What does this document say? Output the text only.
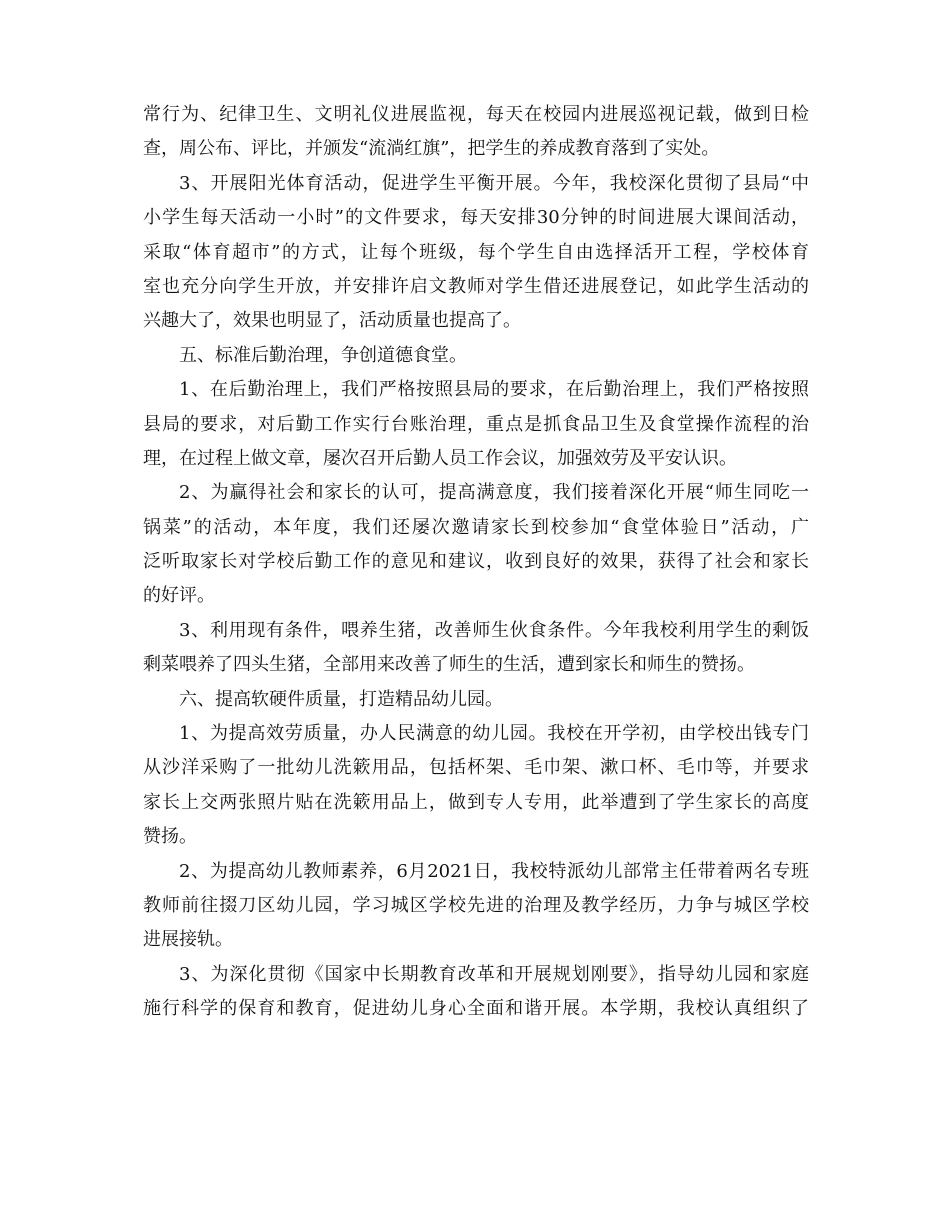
常行为、纪律卫生、文明礼仪进展监视，每天在校园内进展巡视记载，做到日检
查，周公布、评比，并颁发“流淌红旗”，把学生的养成教育落到了实处。
3、开展阳光体育活动，促进学生平衡开展。今年，我校深化贯彻了县局“中
小学生每天活动一小时”的文件要求，每天安排30分钟的时间进展大课间活动，
采取“体育超市”的方式，让每个班级，每个学生自由选择活开工程，学校体育
室也充分向学生开放，并安排许启文教师对学生借还进展登记，如此学生活动的
兴趣大了，效果也明显了，活动质量也提高了。
五、标准后勤治理，争创道德食堂。
1、在后勤治理上，我们严格按照县局的要求，在后勤治理上，我们严格按照
县局的要求，对后勤工作实行台账治理，重点是抓食品卫生及食堂操作流程的治
理，在过程上做文章，屡次召开后勤人员工作会议，加强效劳及平安认识。
2、为赢得社会和家长的认可，提高满意度，我们接着深化开展“师生同吃一
锅菜”的活动，本年度，我们还屡次邀请家长到校参加“食堂体验日”活动，广
泛听取家长对学校后勤工作的意见和建议，收到良好的效果，获得了社会和家长
的好评。
3、利用现有条件，喂养生猪，改善师生伙食条件。今年我校利用学生的剩饭
剩菜喂养了四头生猪，全部用来改善了师生的生活，遭到家长和师生的赞扬。
六、提高软硬件质量，打造精品幼儿园。
1、为提高效劳质量，办人民满意的幼儿园。我校在开学初，由学校出钱专门
从沙洋采购了一批幼儿洗簌用品，包括杯架、毛巾架、漱口杯、毛巾等，并要求
家长上交两张照片贴在洗簌用品上，做到专人专用，此举遭到了学生家长的高度
赞扬。
2、为提高幼儿教师素养，6月2021日，我校特派幼儿部常主任带着两名专班
教师前往掇刀区幼儿园，学习城区学校先进的治理及教学经历，力争与城区学校
进展接轨。
3、为深化贯彻《国家中长期教育改革和开展规划刚要》，指导幼儿园和家庭
施行科学的保育和教育，促进幼儿身心全面和谐开展。本学期，我校认真组织了
